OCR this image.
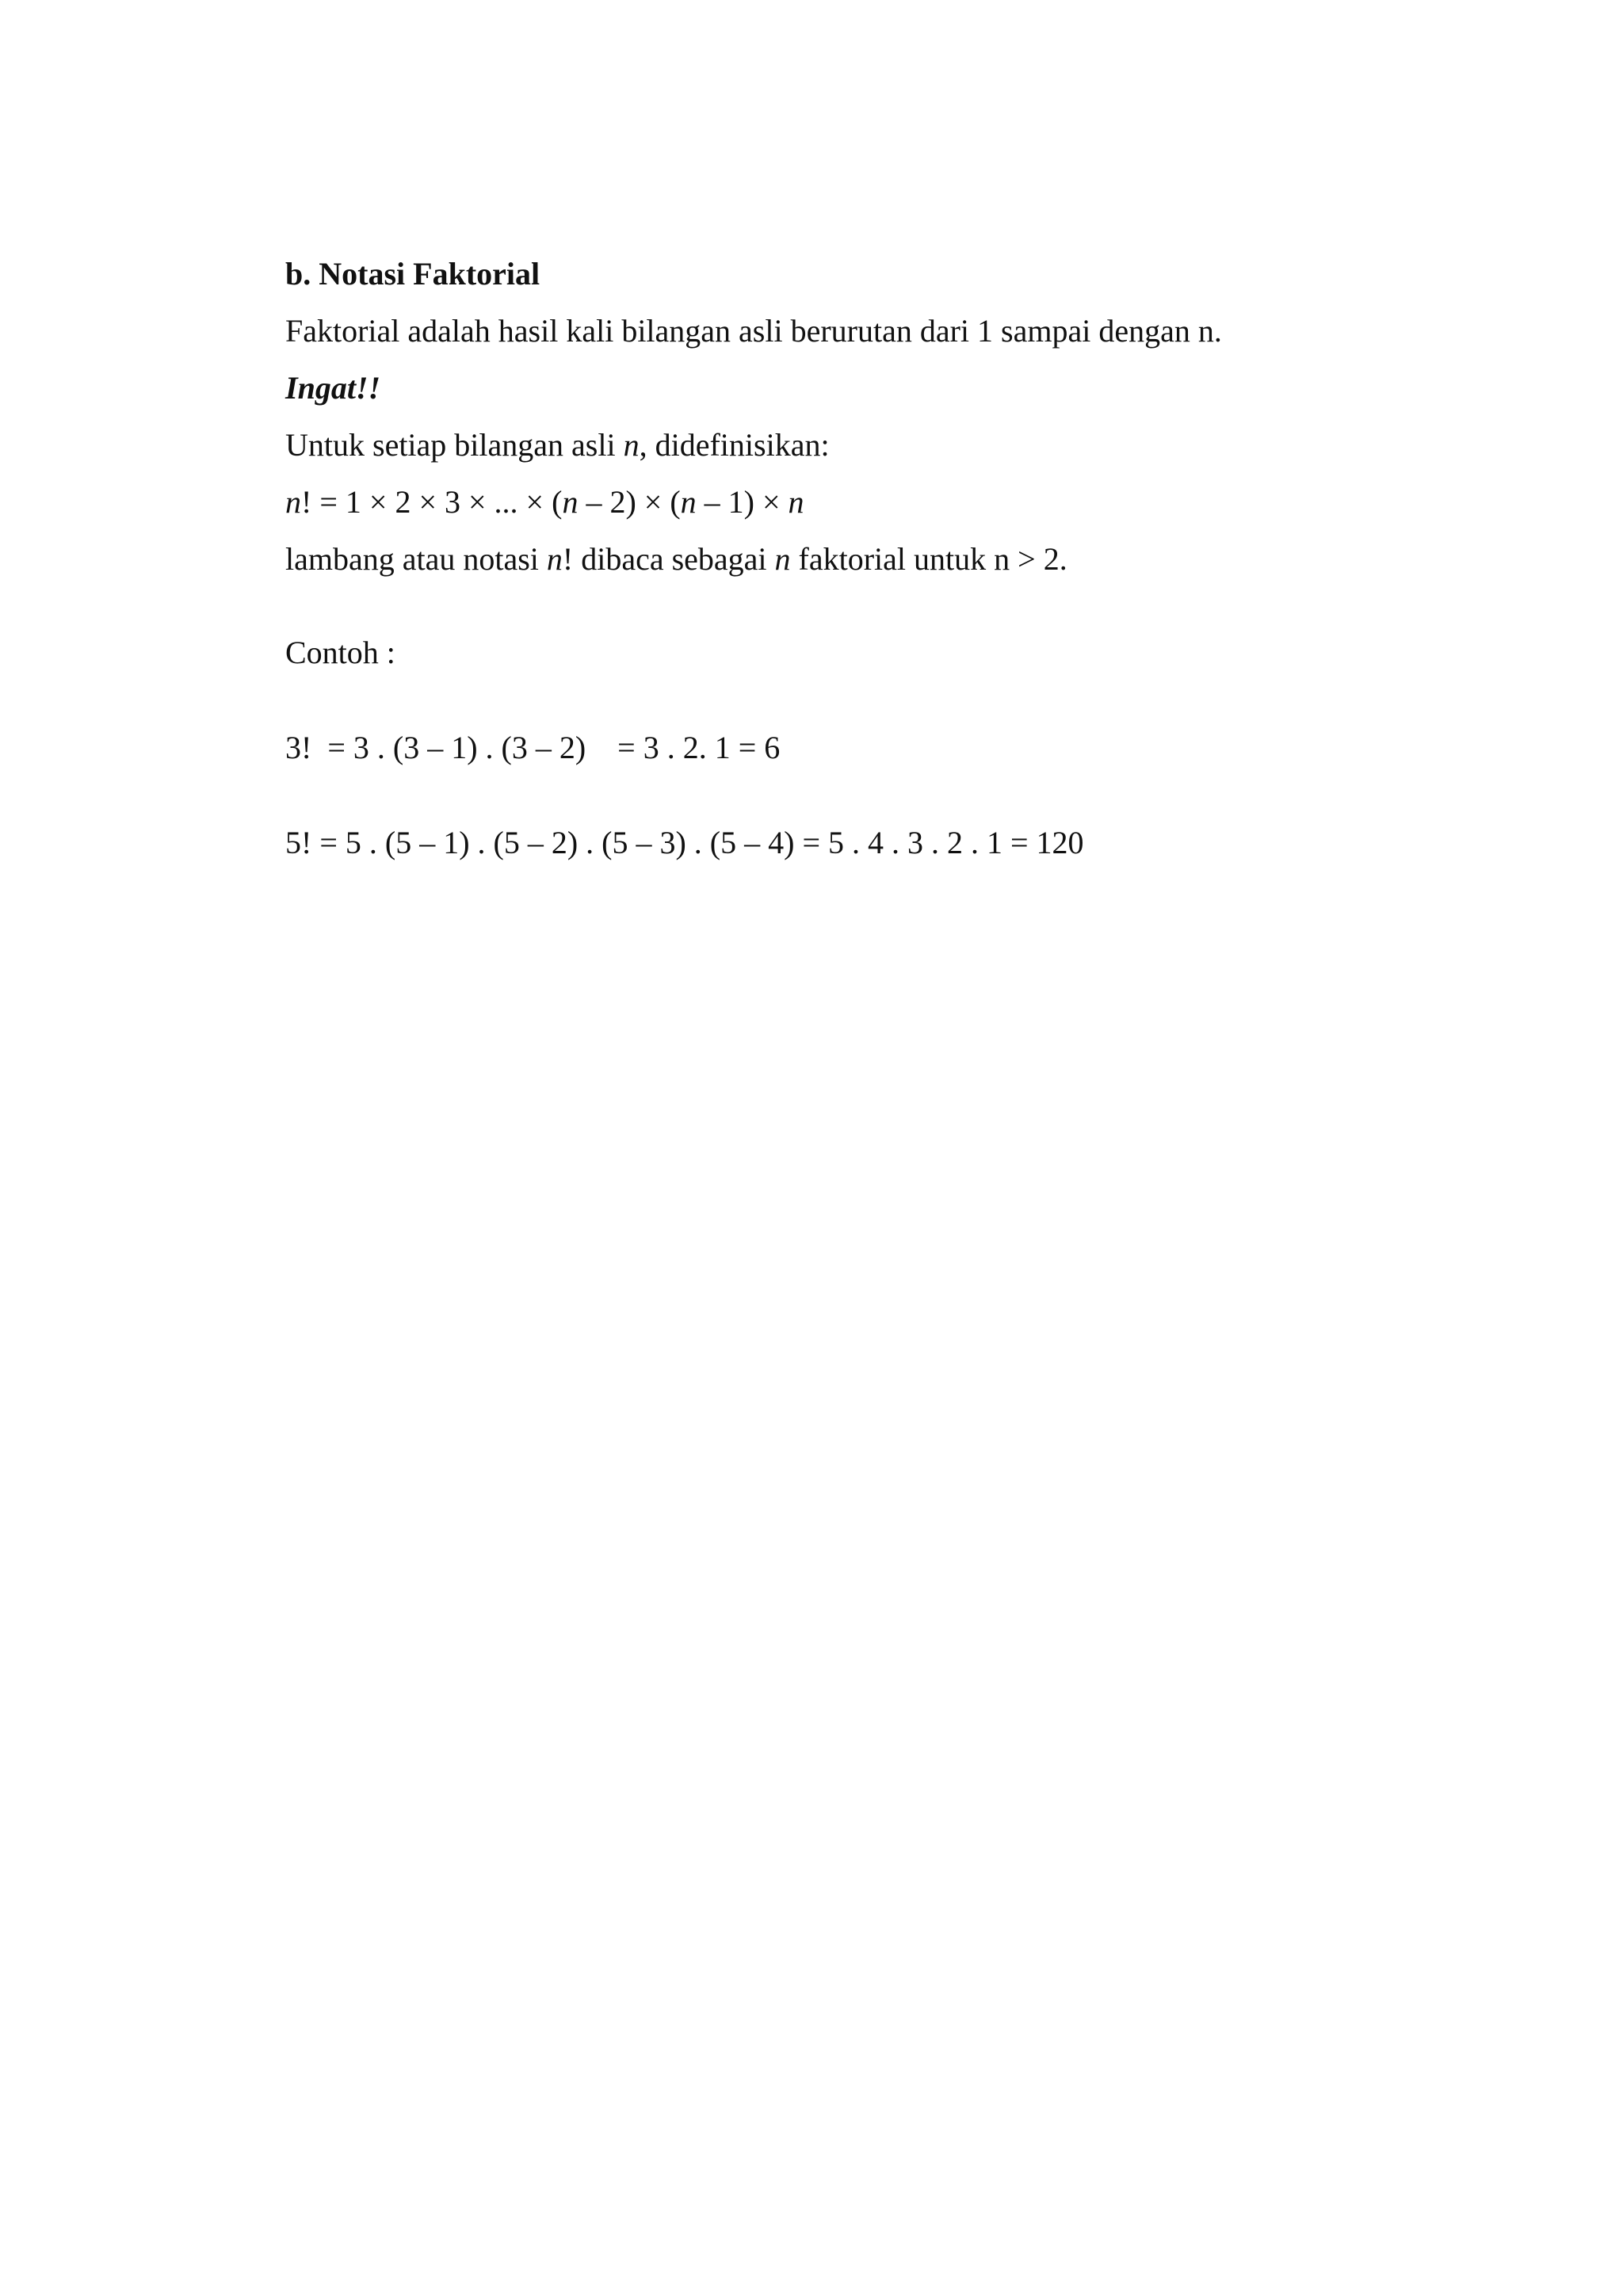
b. Notasi Faktorial
Faktorial adalah hasil kali bilangan asli berurutan dari 1 sampai dengan n.
Ingat!!
Untuk setiap bilangan asli n, didefinisikan:
n! = 1 × 2 × 3 × ... × (n – 2) × (n – 1) × n
lambang atau notasi n! dibaca sebagai n faktorial untuk n > 2.
Contoh :
3!  = 3 . (3 – 1) . (3 – 2)    = 3 . 2. 1 = 6
5! = 5 . (5 – 1) . (5 – 2) . (5 – 3) . (5 – 4) = 5 . 4 . 3 . 2 . 1 = 120
